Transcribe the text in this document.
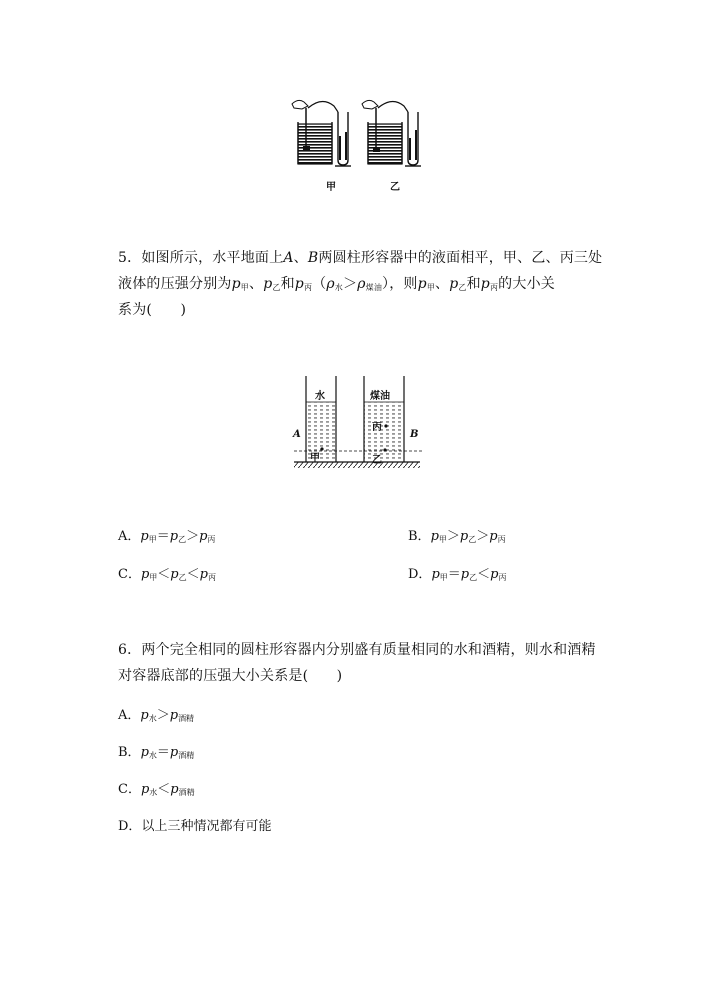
甲	乙
5．如图所示，水平地面上A、B两圆柱形容器中的液面相平，甲、乙、丙三处
液体的压强分别为$p_甲$、$p_乙$和$p_丙(\rho_水>\rho_{煤油})$，则$p_甲$、$p_乙$和$p_丙$的大小关
系为(　　)
水	煤油
A	B
甲	乙
丙
A．$p_甲=p_乙>p_丙$	B．$p_甲>p_乙>p_丙$
C．$p_甲<p_乙<p_丙$	D．$p_甲=p_乙<p_丙$
6．两个完全相同的圆柱形容器内分别盛有质量相同的水和酒精，则水和酒精
对容器底部的压强大小关系是(　　)
A．$p_水>p_{酒精}$
B．$p_水=p_{酒精}$
C．$p_水<p_{酒精}$
D．以上三种情况都有可能
